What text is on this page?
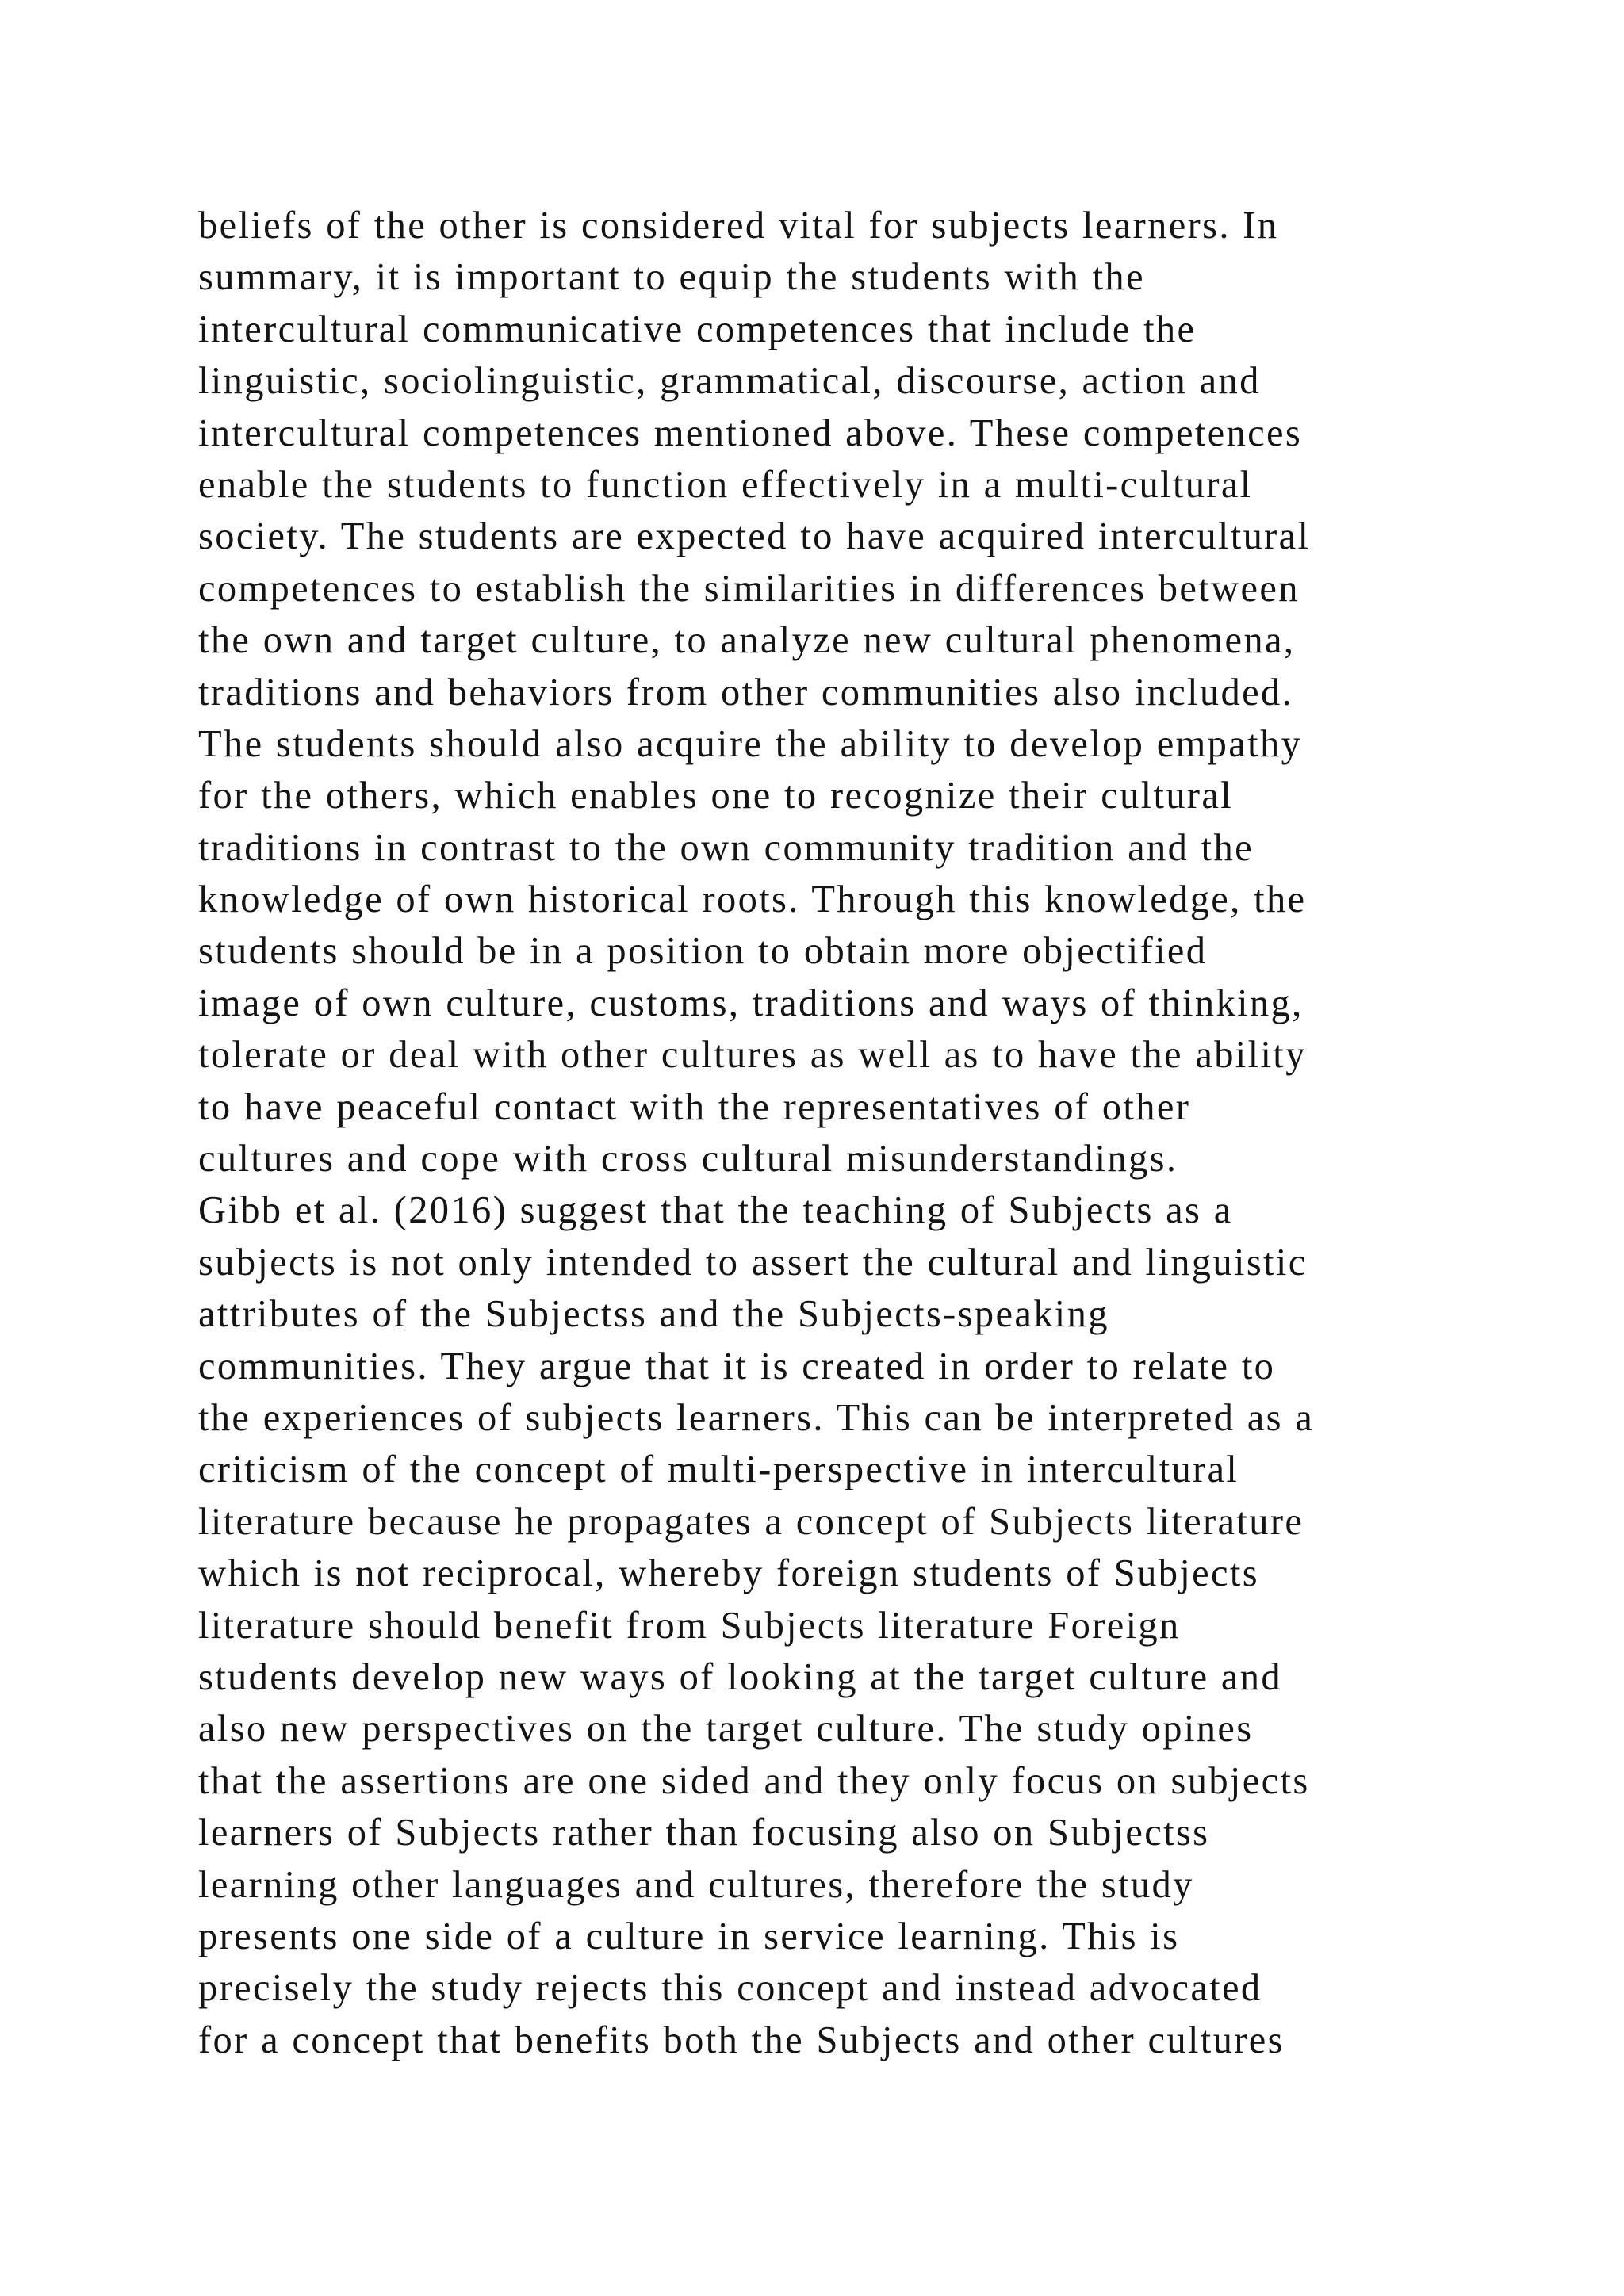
beliefs of the other is considered vital for subjects learners. In
summary, it is important to equip the students with the
intercultural communicative competences that include the
linguistic, sociolinguistic, grammatical, discourse, action and
intercultural competences mentioned above. These competences
enable the students to function effectively in a multi-cultural
society. The students are expected to have acquired intercultural
competences to establish the similarities in differences between
the own and target culture, to analyze new cultural phenomena,
traditions and behaviors from other communities also included.
The students should also acquire the ability to develop empathy
for the others, which enables one to recognize their cultural
traditions in contrast to the own community tradition and the
knowledge of own historical roots. Through this knowledge, the
students should be in a position to obtain more objectified
image of own culture, customs, traditions and ways of thinking,
tolerate or deal with other cultures as well as to have the ability
to have peaceful contact with the representatives of other
cultures and cope with cross cultural misunderstandings.
Gibb et al. (2016) suggest that the teaching of Subjects as a
subjects is not only intended to assert the cultural and linguistic
attributes of the Subjectss and the Subjects-speaking
communities. They argue that it is created in order to relate to
the experiences of subjects learners. This can be interpreted as a
criticism of the concept of multi-perspective in intercultural
literature because he propagates a concept of Subjects literature
which is not reciprocal, whereby foreign students of Subjects
literature should benefit from Subjects literature Foreign
students develop new ways of looking at the target culture and
also new perspectives on the target culture. The study opines
that the assertions are one sided and they only focus on subjects
learners of Subjects rather than focusing also on Subjectss
learning other languages and cultures, therefore the study
presents one side of a culture in service learning. This is
precisely the study rejects this concept and instead advocated
for a concept that benefits both the Subjects and other cultures
